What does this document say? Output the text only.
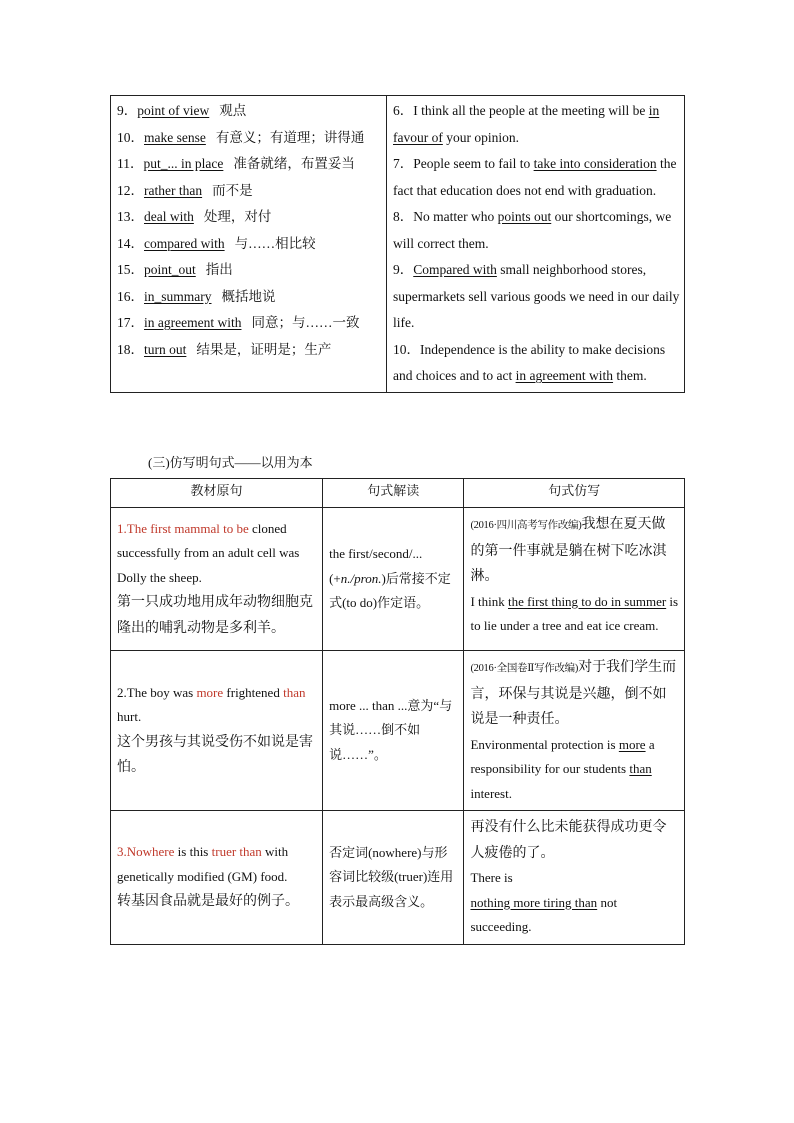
9．point of view 观点
10．make sense 有意义；有道理；讲得通
11．put_... in place 准备就绪，布置妥当
12．rather than 而不是
13．deal with 处理，对付
14．compared with 与……相比较
15．point_out 指出
16．in_summary 概括地说
17．in agreement with 同意；与……一致
18．turn out 结果是，证明是；生产

6．I think all the people at the meeting will be in favour of your opinion.
7．People seem to fail to take into consideration the fact that education does not end with graduation.
8．No matter who points out our shortcomings, we will correct them.
9．Compared with small neighborhood stores, supermarkets sell various goods we need in our daily life.
10．Independence is the ability to make decisions and choices and to act in agreement with them.
(三)仿写明句式——以用为本
教材原句	句式解读	句式仿写
1.The first mammal to be cloned successfully from an adult cell was Dolly the sheep.
第一只成功地用成年动物细胞克隆出的哺乳动物是多利羊。	the first/second/... (+n./pron.)后常接不定式(to do)作定语。	(2016·四川高考写作改编)我想在夏天做的第一件事就是躺在树下吃冰淇淋。
I think the first thing to do in summer is to lie under a tree and eat ice cream.
2.The boy was more frightened than hurt.
这个男孩与其说受伤不如说是害怕。	more ... than ...意为“与其说……倒不如说……”。	(2016·全国卷Ⅱ写作改编)对于我们学生而言，环保与其说是兴趣，倒不如说是一种责任。
Environmental protection is more a responsibility for our students than interest.
3.Nowhere is this truer than with genetically modified (GM) food.
转基因食品就是最好的例子。	否定词(nowhere)与形容词比较级(truer)连用表示最高级含义。	再没有什么比未能获得成功更令人疲倦的了。
There is
nothing more tiring than not succeeding.
